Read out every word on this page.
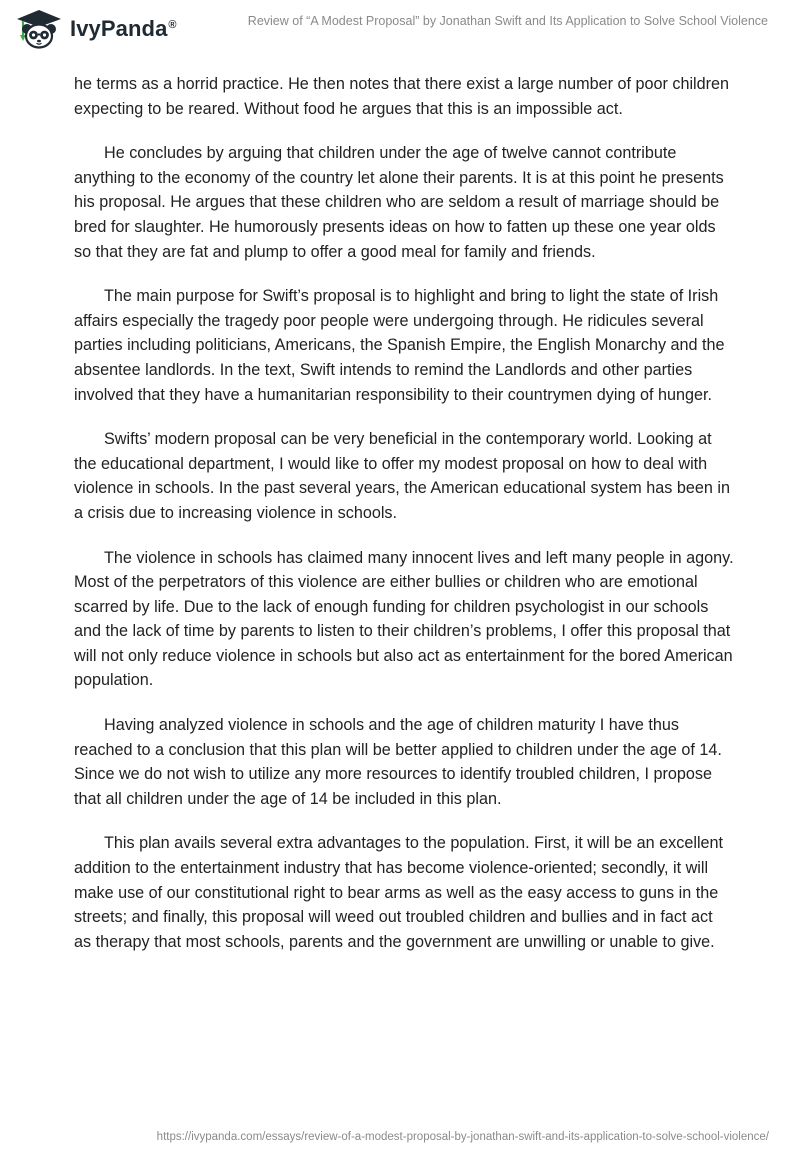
IvyPanda®	Review of “A Modest Proposal” by Jonathan Swift and Its Application to Solve School Violence

he terms as a horrid practice. He then notes that there exist a large number of poor children expecting to be reared. Without food he argues that this is an impossible act.

He concludes by arguing that children under the age of twelve cannot contribute anything to the economy of the country let alone their parents. It is at this point he presents his proposal. He argues that these children who are seldom a result of marriage should be bred for slaughter. He humorously presents ideas on how to fatten up these one year olds so that they are fat and plump to offer a good meal for family and friends.

The main purpose for Swift’s proposal is to highlight and bring to light the state of Irish affairs especially the tragedy poor people were undergoing through. He ridicules several parties including politicians, Americans, the Spanish Empire, the English Monarchy and the absentee landlords. In the text, Swift intends to remind the Landlords and other parties involved that they have a humanitarian responsibility to their countrymen dying of hunger.

Swifts’ modern proposal can be very beneficial in the contemporary world. Looking at the educational department, I would like to offer my modest proposal on how to deal with violence in schools. In the past several years, the American educational system has been in a crisis due to increasing violence in schools.

The violence in schools has claimed many innocent lives and left many people in agony. Most of the perpetrators of this violence are either bullies or children who are emotional scarred by life. Due to the lack of enough funding for children psychologist in our schools and the lack of time by parents to listen to their children’s problems, I offer this proposal that will not only reduce violence in schools but also act as entertainment for the bored American population.

Having analyzed violence in schools and the age of children maturity I have thus reached to a conclusion that this plan will be better applied to children under the age of 14. Since we do not wish to utilize any more resources to identify troubled children, I propose that all children under the age of 14 be included in this plan.

This plan avails several extra advantages to the population. First, it will be an excellent addition to the entertainment industry that has become violence-oriented; secondly, it will make use of our constitutional right to bear arms as well as the easy access to guns in the streets; and finally, this proposal will weed out troubled children and bullies and in fact act as therapy that most schools, parents and the government are unwilling or unable to give.

https://ivypanda.com/essays/review-of-a-modest-proposal-by-jonathan-swift-and-its-application-to-solve-school-violence/
